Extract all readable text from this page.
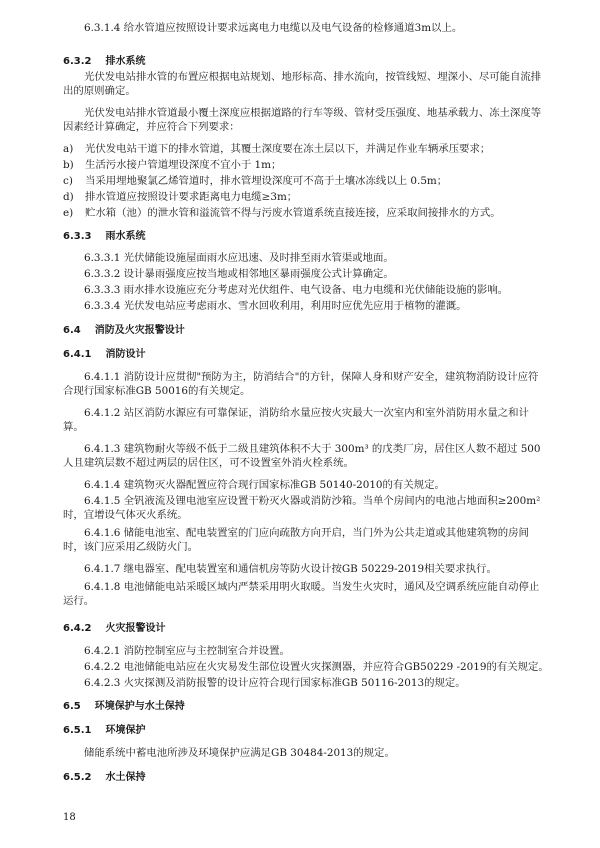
6.3.1.4 给水管道应按照设计要求远离电力电缆以及电气设备的检修通道3m以上。
6.3.2 排水系统
光伏发电站排水管的布置应根据电站规划、地形标高、排水流向，按管线短、埋深小、尽可能自流排出的原则确定。
光伏发电站排水管道最小覆土深度应根据道路的行车等级、管材受压强度、地基承载力、冻土深度等因素经计算确定，并应符合下列要求：
a) 光伏发电站干道下的排水管道，其覆土深度要在冻土层以下，并满足作业车辆承压要求；
b) 生活污水接户管道埋设深度不宜小于 1m；
c) 当采用埋地聚氯乙烯管道时，排水管埋设深度可不高于土壤冰冻线以上 0.5m；
d) 排水管道应按照设计要求距离电力电缆≥3m；
e) 贮水箱（池）的泄水管和溢流管不得与污废水管道系统直接连接，应采取间接排水的方式。
6.3.3 雨水系统
6.3.3.1 光伏储能设施屋面雨水应迅速、及时排至雨水管渠或地面。
6.3.3.2 设计暴雨强度应按当地或相邻地区暴雨强度公式计算确定。
6.3.3.3 雨水排水设施应充分考虑对光伏组件、电气设备、电力电缆和光伏储能设施的影响。
6.3.3.4 光伏发电站应考虑雨水、雪水回收利用，利用时应优先应用于植物的灌溉。
6.4 消防及火灾报警设计
6.4.1 消防设计
6.4.1.1 消防设计应贯彻"预防为主，防消结合"的方针，保障人身和财产安全，建筑物消防设计应符合现行国家标准GB 50016的有关规定。
6.4.1.2 站区消防水源应有可靠保证，消防给水量应按火灾最大一次室内和室外消防用水量之和计算。
6.4.1.3 建筑物耐火等级不低于二级且建筑体积不大于 300m³ 的戊类厂房，居住区人数不超过 500 人且建筑层数不超过两层的居住区，可不设置室外消火栓系统。
6.4.1.4 建筑物灭火器配置应符合现行国家标准GB 50140-2010的有关规定。
6.4.1.5 全钒液流及锂电池室应设置干粉灭火器或消防沙箱。当单个房间内的电池占地面积≥200m²时，宜增设气体灭火系统。
6.4.1.6 储能电池室、配电装置室的门应向疏散方向开启，当门外为公共走道或其他建筑物的房间时，该门应采用乙级防火门。
6.4.1.7 继电器室、配电装置室和通信机房等防火设计按GB 50229-2019相关要求执行。
6.4.1.8 电池储能电站采暖区域内严禁采用明火取暖。当发生火灾时，通风及空调系统应能自动停止运行。
6.4.2 火灾报警设计
6.4.2.1 消防控制室应与主控制室合并设置。
6.4.2.2 电池储能电站应在火灾易发生部位设置火灾探测器，并应符合GB50229 -2019的有关规定。
6.4.2.3 火灾探测及消防报警的设计应符合现行国家标准GB 50116-2013的规定。
6.5 环境保护与水土保持
6.5.1 环境保护
储能系统中蓄电池所涉及环境保护应满足GB 30484-2013的规定。
6.5.2 水土保持
18
